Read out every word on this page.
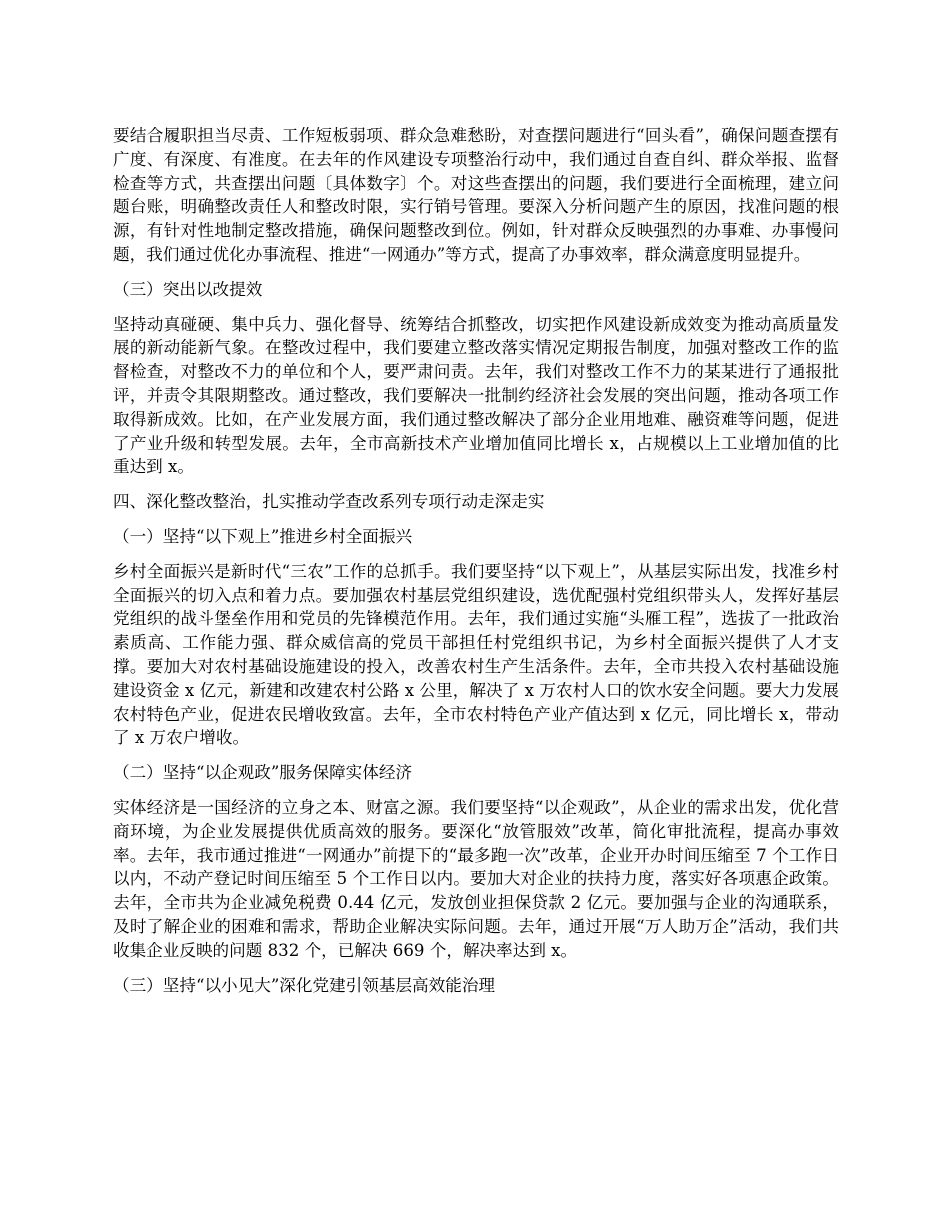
要结合履职担当尽责、工作短板弱项、群众急难愁盼，对查摆问题进行“回头看”，确保问题查摆有广度、有深度、有准度。在去年的作风建设专项整治行动中，我们通过自查自纠、群众举报、监督检查等方式，共查摆出问题〔具体数字〕个。对这些查摆出的问题，我们要进行全面梳理，建立问题台账，明确整改责任人和整改时限，实行销号管理。要深入分析问题产生的原因，找准问题的根源，有针对性地制定整改措施，确保问题整改到位。例如，针对群众反映强烈的办事难、办事慢问题，我们通过优化办事流程、推进“一网通办”等方式，提高了办事效率，群众满意度明显提升。

（三）突出以改提效

坚持动真碰硬、集中兵力、强化督导、统筹结合抓整改，切实把作风建设新成效变为推动高质量发展的新动能新气象。在整改过程中，我们要建立整改落实情况定期报告制度，加强对整改工作的监督检查，对整改不力的单位和个人，要严肃问责。去年，我们对整改工作不力的某某进行了通报批评，并责令其限期整改。通过整改，我们要解决一批制约经济社会发展的突出问题，推动各项工作取得新成效。比如，在产业发展方面，我们通过整改解决了部分企业用地难、融资难等问题，促进了产业升级和转型发展。去年，全市高新技术产业增加值同比增长 x，占规模以上工业增加值的比重达到 x。

四、深化整改整治，扎实推动学查改系列专项行动走深走实

（一）坚持“以下观上”推进乡村全面振兴

乡村全面振兴是新时代“三农”工作的总抓手。我们要坚持“以下观上”，从基层实际出发，找准乡村全面振兴的切入点和着力点。要加强农村基层党组织建设，选优配强村党组织带头人，发挥好基层党组织的战斗堡垒作用和党员的先锋模范作用。去年，我们通过实施“头雁工程”，选拔了一批政治素质高、工作能力强、群众威信高的党员干部担任村党组织书记，为乡村全面振兴提供了人才支撑。要加大对农村基础设施建设的投入，改善农村生产生活条件。去年，全市共投入农村基础设施建设资金 x 亿元，新建和改建农村公路 x 公里，解决了 x 万农村人口的饮水安全问题。要大力发展农村特色产业，促进农民增收致富。去年，全市农村特色产业产值达到 x 亿元，同比增长 x，带动了 x 万农户增收。

（二）坚持“以企观政”服务保障实体经济

实体经济是一国经济的立身之本、财富之源。我们要坚持“以企观政”，从企业的需求出发，优化营商环境，为企业发展提供优质高效的服务。要深化“放管服效”改革，简化审批流程，提高办事效率。去年，我市通过推进“一网通办”前提下的“最多跑一次”改革，企业开办时间压缩至 7 个工作日以内，不动产登记时间压缩至 5 个工作日以内。要加大对企业的扶持力度，落实好各项惠企政策。去年，全市共为企业减免税费 0.44 亿元，发放创业担保贷款 2 亿元。要加强与企业的沟通联系，及时了解企业的困难和需求，帮助企业解决实际问题。去年，通过开展“万人助万企”活动，我们共收集企业反映的问题 832 个，已解决 669 个，解决率达到 x。

（三）坚持“以小见大”深化党建引领基层高效能治理
